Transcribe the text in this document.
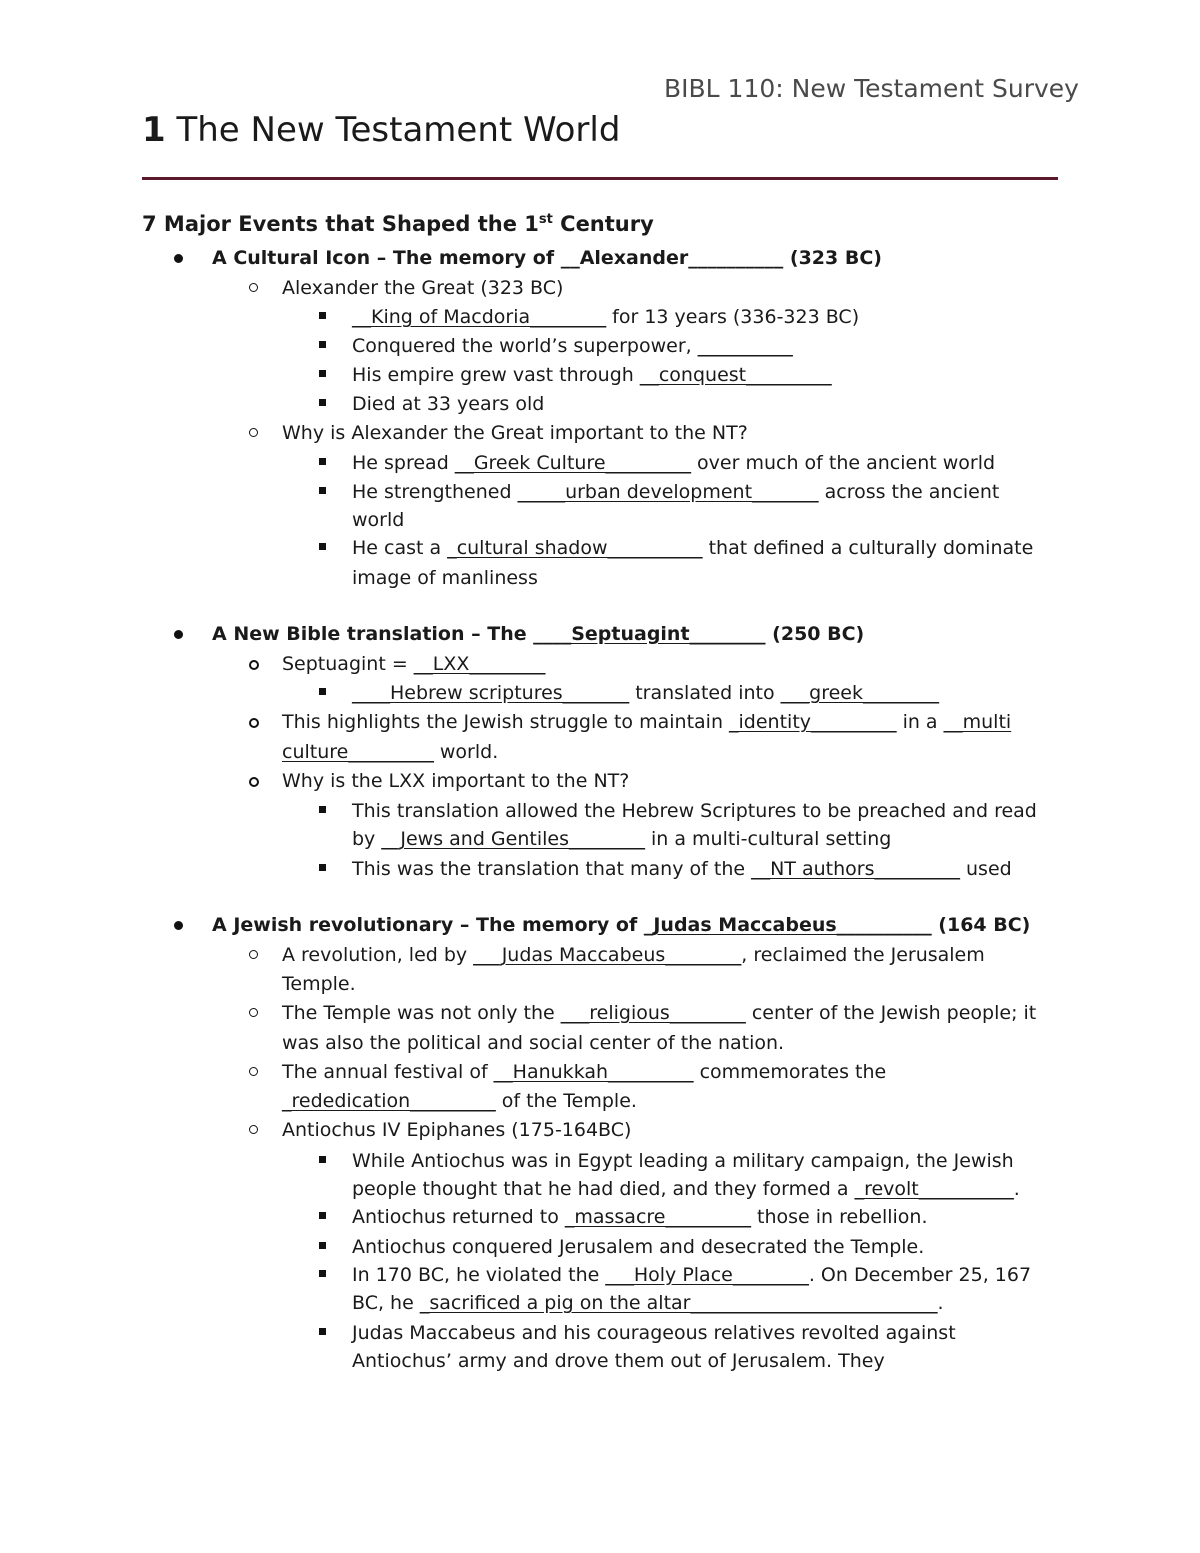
BIBL 110: New Testament Survey
1 The New Testament World
7 Major Events that Shaped the 1st Century
A Cultural Icon – The memory of __Alexander__________ (323 BC)
Alexander the Great (323 BC)
__King of Macdoria________ for 13 years (336-323 BC)
Conquered the world’s superpower, __________
His empire grew vast through __conquest_________
Died at 33 years old
Why is Alexander the Great important to the NT?
He spread __Greek Culture_________ over much of the ancient world
He strengthened _____urban development_______ across the ancient
world
He cast a _cultural shadow__________ that defined a culturally dominate
image of manliness
A New Bible translation – The ____Septuagint________ (250 BC)
Septuagint = __LXX________
____Hebrew scriptures_______ translated into ___greek________
This highlights the Jewish struggle to maintain _identity_________ in a __multi
culture_________ world.
Why is the LXX important to the NT?
This translation allowed the Hebrew Scriptures to be preached and read
by __Jews and Gentiles________ in a multi-cultural setting
This was the translation that many of the __NT authors_________ used
A Jewish revolutionary – The memory of _Judas Maccabeus__________ (164 BC)
A revolution, led by ___Judas Maccabeus________, reclaimed the Jerusalem
Temple.
The Temple was not only the ___religious________ center of the Jewish people; it
was also the political and social center of the nation.
The annual festival of __Hanukkah_________ commemorates the
_rededication_________ of the Temple.
Antiochus IV Epiphanes (175-164BC)
While Antiochus was in Egypt leading a military campaign, the Jewish
people thought that he had died, and they formed a _revolt__________.
Antiochus returned to _massacre_________ those in rebellion.
Antiochus conquered Jerusalem and desecrated the Temple.
In 170 BC, he violated the ___Holy Place________. On December 25, 167
BC, he _sacrificed a pig on the altar__________________________.
Judas Maccabeus and his courageous relatives revolted against
Antiochus’ army and drove them out of Jerusalem. They
